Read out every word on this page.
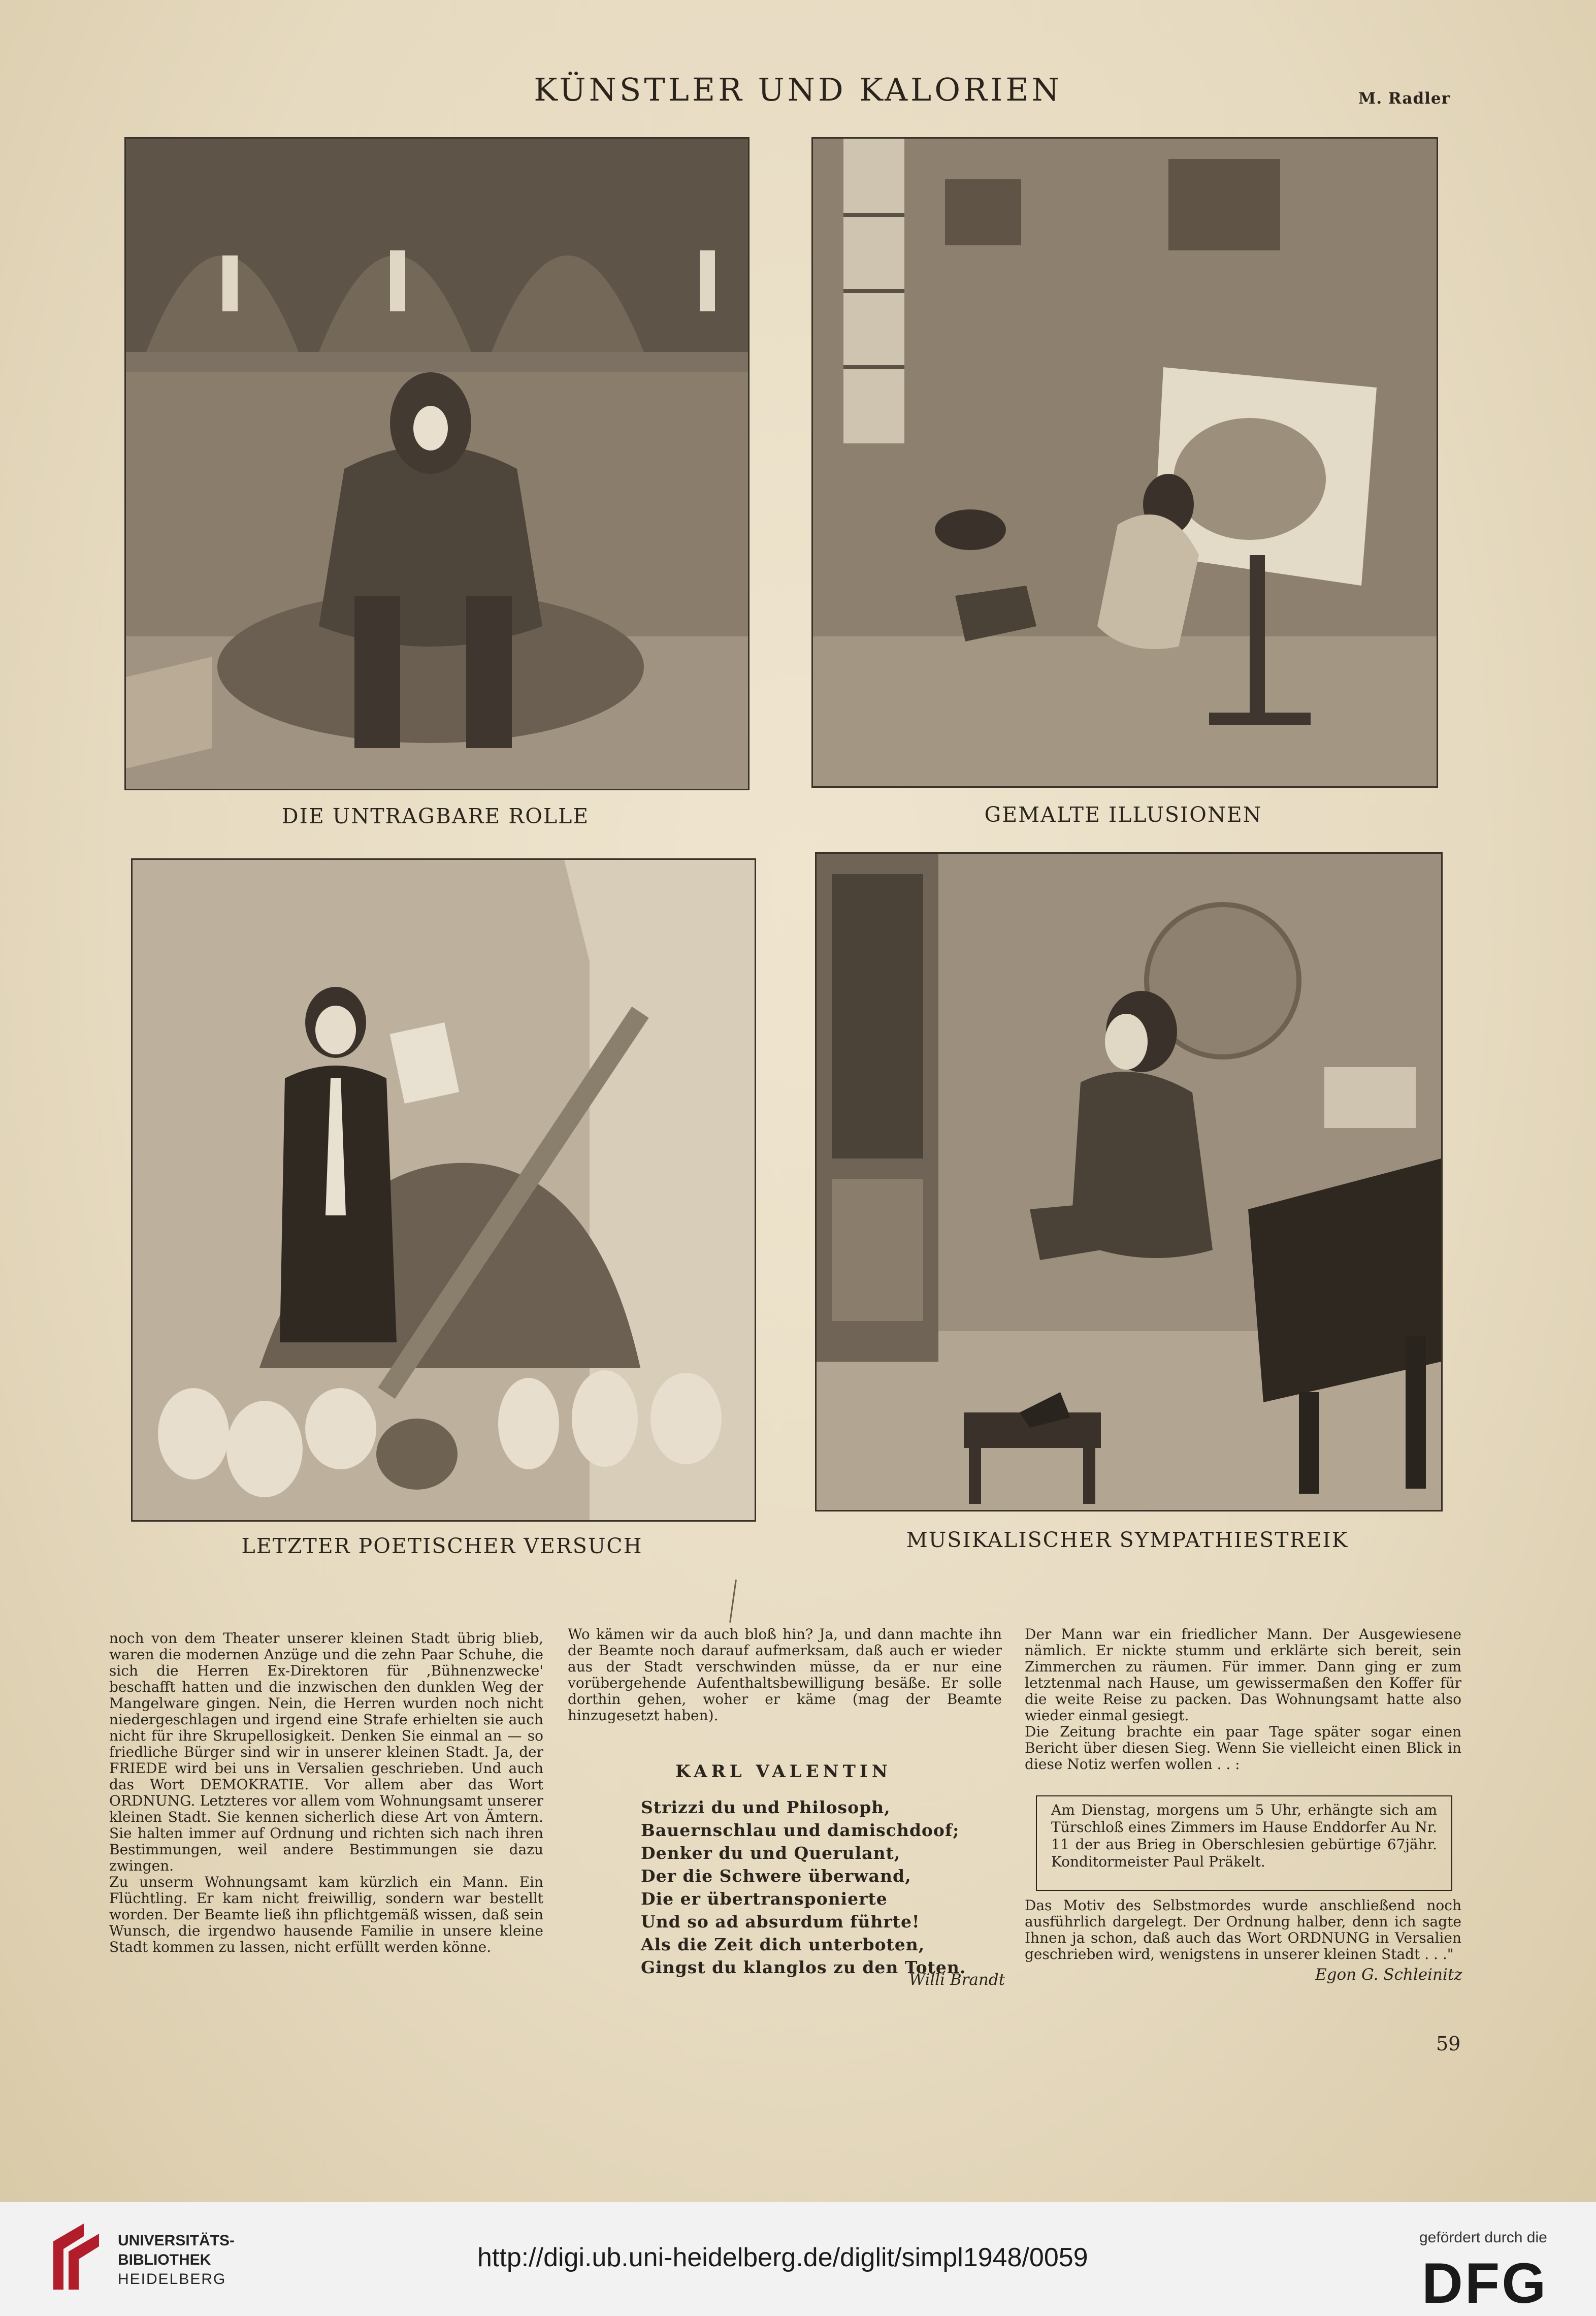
KÜNSTLER UND KALORIEN	M. Radler
DIE UNTRAGBARE ROLLE	GEMALTE ILLUSIONEN
LETZTER POETISCHER VERSUCH	MUSIKALISCHER SYMPATHIESTREIK

noch von dem Theater unserer kleinen Stadt übrig blieb, waren die modernen Anzüge und die zehn Paar Schuhe, die sich die Herren Ex-Direktoren für ‚Bühnenzwecke' beschafft hatten und die inzwischen den dunklen Weg der Mangelware gingen. Nein, die Herren wurden noch nicht niedergeschlagen und irgend eine Strafe erhielten sie auch nicht für ihre Skrupellosigkeit. Denken Sie einmal an — so friedliche Bürger sind wir in unserer kleinen Stadt. Ja, der FRIEDE wird bei uns in Versalien geschrieben. Und auch das Wort DEMOKRATIE. Vor allem aber das Wort ORDNUNG. Letzteres vor allem vom Wohnungsamt unserer kleinen Stadt. Sie kennen sicherlich diese Art von Ämtern. Sie halten immer auf Ordnung und richten sich nach ihren Bestimmungen, weil andere Bestimmungen sie dazu zwingen.

Zu unserm Wohnungsamt kam kürzlich ein Mann. Ein Flüchtling. Er kam nicht freiwillig, sondern war bestellt worden. Der Beamte ließ ihn pflichtgemäß wissen, daß sein Wunsch, die irgendwo hausende Familie in unsere kleine Stadt kommen zu lassen, nicht erfüllt werden könne.

Wo kämen wir da auch bloß hin? Ja, und dann machte ihn der Beamte noch darauf aufmerksam, daß auch er wieder aus der Stadt verschwinden müsse, da er nur eine vorübergehende Aufenthaltsbewilligung besäße. Er solle dorthin gehen, woher er käme (mag der Beamte hinzugesetzt haben).

KARL VALENTIN
Strizzi du und Philosoph,
Bauernschlau und damischdoof;
Denker du und Querulant,
Der die Schwere überwand,
Die er übertransponierte
Und so ad absurdum führte!
Als die Zeit dich unterboten,
Gingst du klanglos zu den Toten.
Willi Brandt

Der Mann war ein friedlicher Mann. Der Ausgewiesene nämlich. Er nickte stumm und erklärte sich bereit, sein Zimmerchen zu räumen. Für immer. Dann ging er zum letztenmal nach Hause, um gewissermaßen den Koffer für die weite Reise zu packen. Das Wohnungsamt hatte also wieder einmal gesiegt.

Die Zeitung brachte ein paar Tage später sogar einen Bericht über diesen Sieg. Wenn Sie vielleicht einen Blick in diese Notiz werfen wollen . . :

Am Dienstag, morgens um 5 Uhr, erhängte sich am Türschloß eines Zimmers im Hause Enddorfer Au Nr. 11 der aus Brieg in Oberschlesien gebürtige 67jähr. Konditormeister Paul Präkelt.
Das Motiv des Selbstmordes wurde anschließend noch ausführlich dargelegt. Der Ordnung halber, denn ich sagte Ihnen ja schon, daß auch das Wort ORDNUNG in Versalien geschrieben wird, wenigstens in unserer kleinen Stadt . . ."
Egon G. Schleinitz
59
UNIVERSITÄTS-
BIBLIOTHEK
HEIDELBERG
http://digi.ub.uni-heidelberg.de/diglit/simpl1948/0059
gefördert durch die
DFG
